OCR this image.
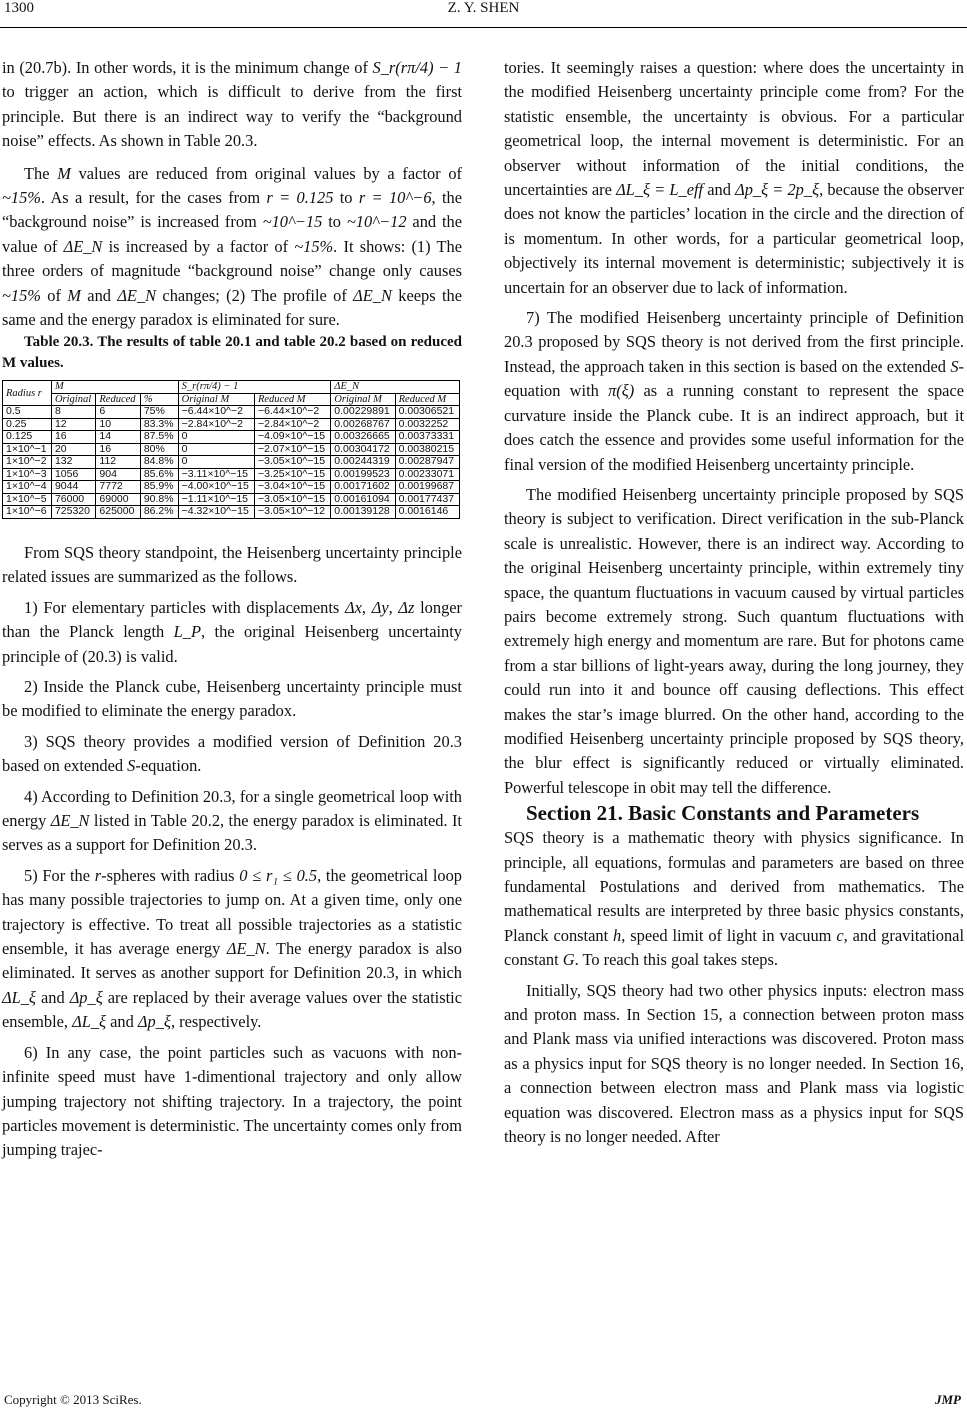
1300	Z. Y. SHEN

in (20.7b). In other words, it is the minimum change of S_r(rπ/4) − 1 to trigger an action, which is difficult to derive from the first principle. But there is an indirect way to verify the “background noise” effects. As shown in Table 20.3.

The M values are reduced from original values by a factor of ~15%. As a result, for the cases from r = 0.125 to r = 10^−6, the “background noise” is increased from ~10^−15 to ~10^−12 and the value of ΔE_N is increased by a factor of ~15%. It shows: (1) The three orders of magnitude “background noise” change only causes ~15% of M and ΔE_N changes; (2) The profile of ΔE_N keeps the same and the energy paradox is eliminated for sure.

Table 20.3. The results of table 20.1 and table 20.2 based on reduced M values.

Radius r	M			S_r(rπ/4) − 1		ΔE_N	
	Original	Reduced	%	Original M	Reduced M	Original M	Reduced M
0.5	8	6	75%	−6.44×10^−2	−6.44×10^−2	0.00229891	0.00306521
0.25	12	10	83.3%	−2.84×10^−2	−2.84×10^−2	0.00268767	0.0032252
0.125	16	14	87.5%	0	−4.09×10^−15	0.00326665	0.00373331
1×10^−1	20	16	80%	0	−2.07×10^−15	0.00304172	0.00380215
1×10^−2	132	112	84.8%	0	−3.05×10^−15	0.00244319	0.00287947
1×10^−3	1056	904	85.6%	−3.11×10^−15	−3.25×10^−15	0.00199523	0.00233071
1×10^−4	9044	7772	85.9%	−4.00×10^−15	−3.04×10^−15	0.00171602	0.00199687
1×10^−5	76000	69000	90.8%	−1.11×10^−15	−3.05×10^−15	0.00161094	0.00177437
1×10^−6	725320	625000	86.2%	−4.32×10^−15	−3.05×10^−12	0.00139128	0.0016146

From SQS theory standpoint, the Heisenberg uncertainty principle related issues are summarized as the follows.

1) For elementary particles with displacements Δx, Δy, Δz longer than the Planck length L_P, the original Heisenberg uncertainty principle of (20.3) is valid.

2) Inside the Planck cube, Heisenberg uncertainty principle must be modified to eliminate the energy paradox.

3) SQS theory provides a modified version of Definition 20.3 based on extended S-equation.

4) According to Definition 20.3, for a single geometrical loop with energy ΔE_N listed in Table 20.2, the energy paradox is eliminated. It serves as a support for Definition 20.3.

5) For the r-spheres with radius 0 ≤ r₁ ≤ 0.5, the geometrical loop has many possible trajectories to jump on. At a given time, only one trajectory is effective. To treat all possible trajectories as a statistic ensemble, it has average energy ΔE_N. The energy paradox is also eliminated. It serves as another support for Definition 20.3, in which ΔL_ξ and Δp_ξ are replaced by their average values over the statistic ensemble, ΔL_ξ and Δp_ξ, respectively.

6) In any case, the point particles such as vacuons with non-infinite speed must have 1-dimentional trajectory and only allow jumping trajectory not shifting trajectory. In a trajectory, the point particles movement is deterministic. The uncertainty comes only from jumping trajec-

tories. It seemingly raises a question: where does the uncertainty in the modified Heisenberg uncertainty principle come from? For the statistic ensemble, the uncertainty is obvious. For a particular geometrical loop, the internal movement is deterministic. For an observer without information of the initial conditions, the uncertainties are ΔL_ξ = L_eff and Δp_ξ = 2p_ξ, because the observer does not know the particles’ location in the circle and the direction of is momentum. In other words, for a particular geometrical loop, objectively its internal movement is deterministic; subjectively it is uncertain for an observer due to lack of information.

7) The modified Heisenberg uncertainty principle of Definition 20.3 proposed by SQS theory is not derived from the first principle. Instead, the approach taken in this section is based on the extended S-equation with π(ξ) as a running constant to represent the space curvature inside the Planck cube. It is an indirect approach, but it does catch the essence and provides some useful information for the final version of the modified Heisenberg uncertainty principle.

The modified Heisenberg uncertainty principle proposed by SQS theory is subject to verification. Direct verification in the sub-Planck scale is unrealistic. However, there is an indirect way. According to the original Heisenberg uncertainty principle, within extremely tiny space, the quantum fluctuations in vacuum caused by virtual particles pairs become extremely strong. Such quantum fluctuations with extremely high energy and momentum are rare. But for photons came from a star billions of light-years away, during the long journey, they could run into it and bounce off causing deflections. This effect makes the star’s image blurred. On the other hand, according to the modified Heisenberg uncertainty principle proposed by SQS theory, the blur effect is significantly reduced or virtually eliminated. Powerful telescope in obit may tell the difference.

Section 21. Basic Constants and Parameters

SQS theory is a mathematic theory with physics significance. In principle, all equations, formulas and parameters are based on three fundamental Postulations and derived from mathematics. The mathematical results are interpreted by three basic physics constants, Planck constant h, speed limit of light in vacuum c, and gravitational constant G. To reach this goal takes steps.

Initially, SQS theory had two other physics inputs: electron mass and proton mass. In Section 15, a connection between proton mass and Plank mass via unified interactions was discovered. Proton mass as a physics input for SQS theory is no longer needed. In Section 16, a connection between electron mass and Plank mass via logistic equation was discovered. Electron mass as a physics input for SQS theory is no longer needed. After

Copyright © 2013 SciRes.	JMP
